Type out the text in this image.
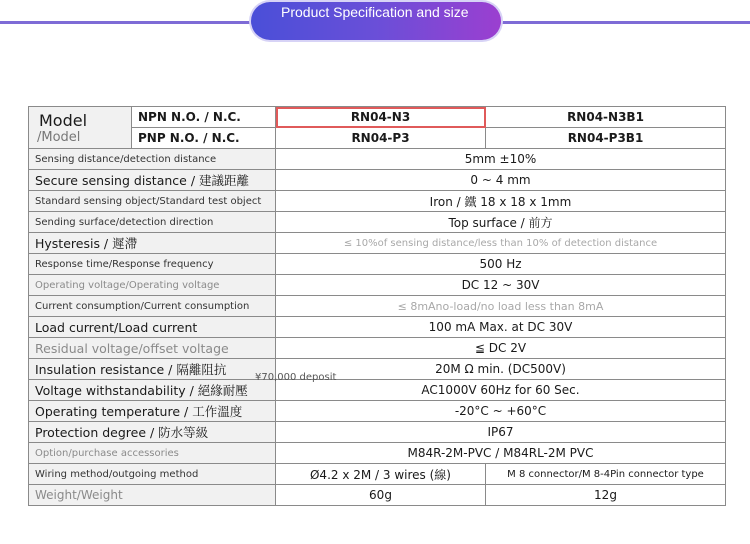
Product Specification and size
Model
/Model	NPN N.O. / N.C.	RN04-N3	RN04-N3B1
	PNP N.O. / N.C.	RN04-P3	RN04-P3B1
Sensing distance/detection distance		5mm ±10%	
Secure sensing distance / 建議距離		0 ~ 4 mm	
Standard sensing object/Standard test object		Iron / 鐵 18 x 18 x 1mm	
Sending surface/detection direction		Top surface / 前方	
Hysteresis / 遲滯		≤ 10%of sensing distance/less than 10% of detection distance	
Response time/Response frequency		500 Hz	
Operating voltage/Operating voltage		DC 12 ~ 30V	
Current consumption/Current consumption		≤ 8mAno-load/no load less than 8mA	
Load current/Load current		100 mA Max. at DC 30V	
Residual voltage/offset voltage		≦ DC 2V	
Insulation resistance / 隔離阻抗		20M Ω min. (DC500V)	
Voltage withstandability / 絕緣耐壓		AC1000V 60Hz for 60 Sec.	
Operating temperature / 工作溫度		-20°C ~ +60°C	
Protection degree / 防水等級		IP67	
Option/purchase accessories		M84R-2M-PVC / M84RL-2M PVC	
Wiring method/outgoing method		Ø4.2 x 2M / 3 wires (線)	M 8 connector/M 8-4Pin connector type
Weight/Weight		60g	12g
¥70,000 deposit
